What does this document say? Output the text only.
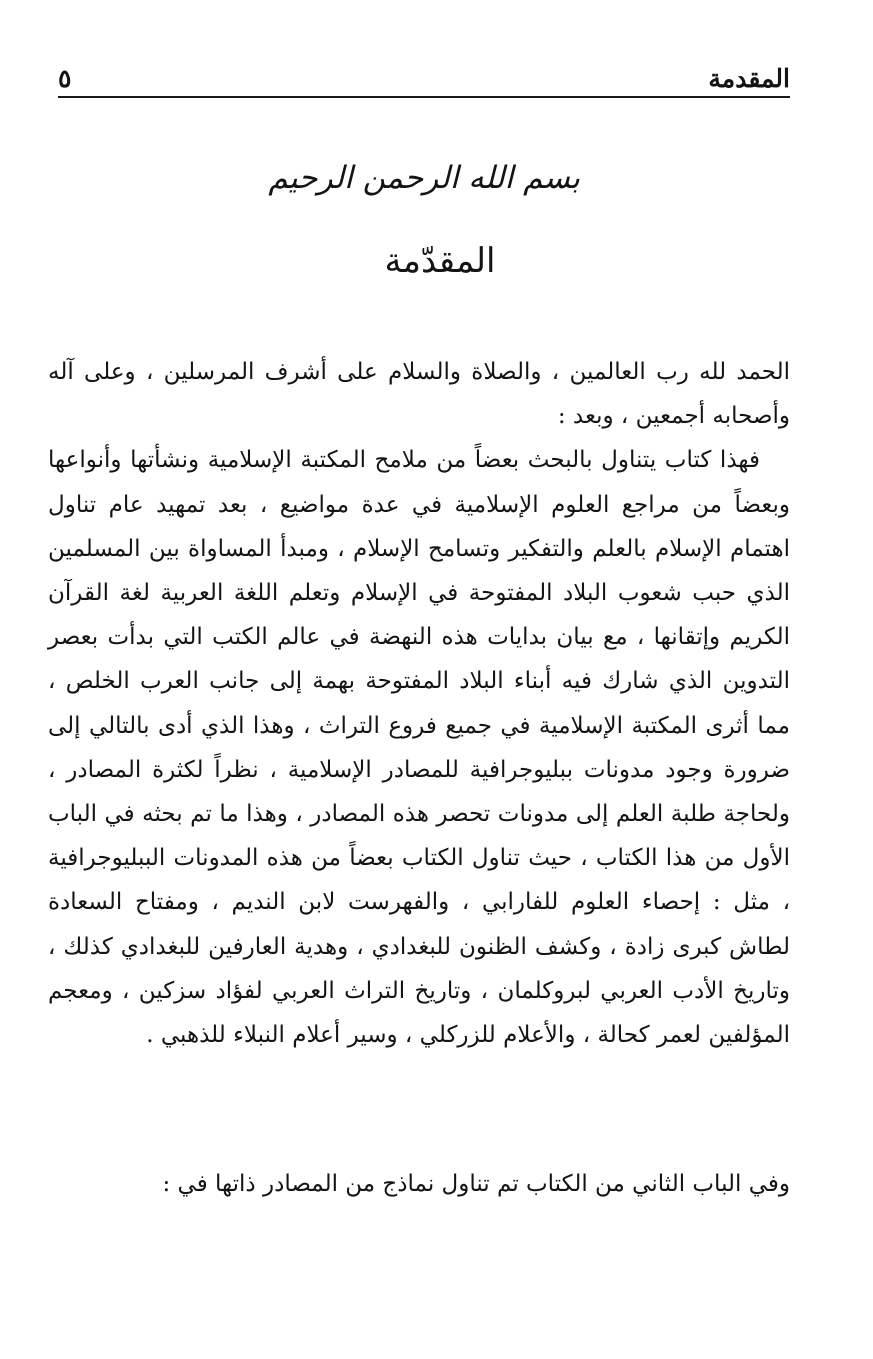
المقدمة
٥
بسم الله الرحمن الرحيم
المقدّمة

الحمد لله رب العالمين ، والصلاة والسلام على أشرف المرسلين ، وعلى آله وأصحابه أجمعين ، وبعد :

فهذا كتاب يتناول بالبحث بعضاً من ملامح المكتبة الإسلامية ونشأتها وأنواعها وبعضاً من مراجع العلوم الإسلامية في عدة مواضيع ، بعد تمهيد عام تناول اهتمام الإسلام بالعلم والتفكير وتسامح الإسلام ، ومبدأ المساواة بين المسلمين الذي حبب شعوب البلاد المفتوحة في الإسلام وتعلم اللغة العربية لغة القرآن الكريم وإتقانها ، مع بيان بدايات هذه النهضة في عالم الكتب التي بدأت بعصر التدوين الذي شارك فيه أبناء البلاد المفتوحة بهمة إلى جانب العرب الخلص ، مما أثرى المكتبة الإسلامية في جميع فروع التراث ، وهذا الذي أدى بالتالي إلى ضرورة وجود مدونات ببليوجرافية للمصادر الإسلامية ، نظراً لكثرة المصادر ، ولحاجة طلبة العلم إلى مدونات تحصر هذه المصادر ، وهذا ما تم بحثه في الباب الأول من هذا الكتاب ، حيث تناول الكتاب بعضاً من هذه المدونات الببليوجرافية ، مثل : إحصاء العلوم للفارابي ، والفهرست لابن النديم ، ومفتاح السعادة لطاش كبرى زادة ، وكشف الظنون للبغدادي ، وهدية العارفين للبغدادي كذلك ، وتاريخ الأدب العربي لبروكلمان ، وتاريخ التراث العربي لفؤاد سزكين ، ومعجم المؤلفين لعمر كحالة ، والأعلام للزركلي ، وسير أعلام النبلاء للذهبي .

وفي الباب الثاني من الكتاب تم تناول نماذج من المصادر ذاتها في :
